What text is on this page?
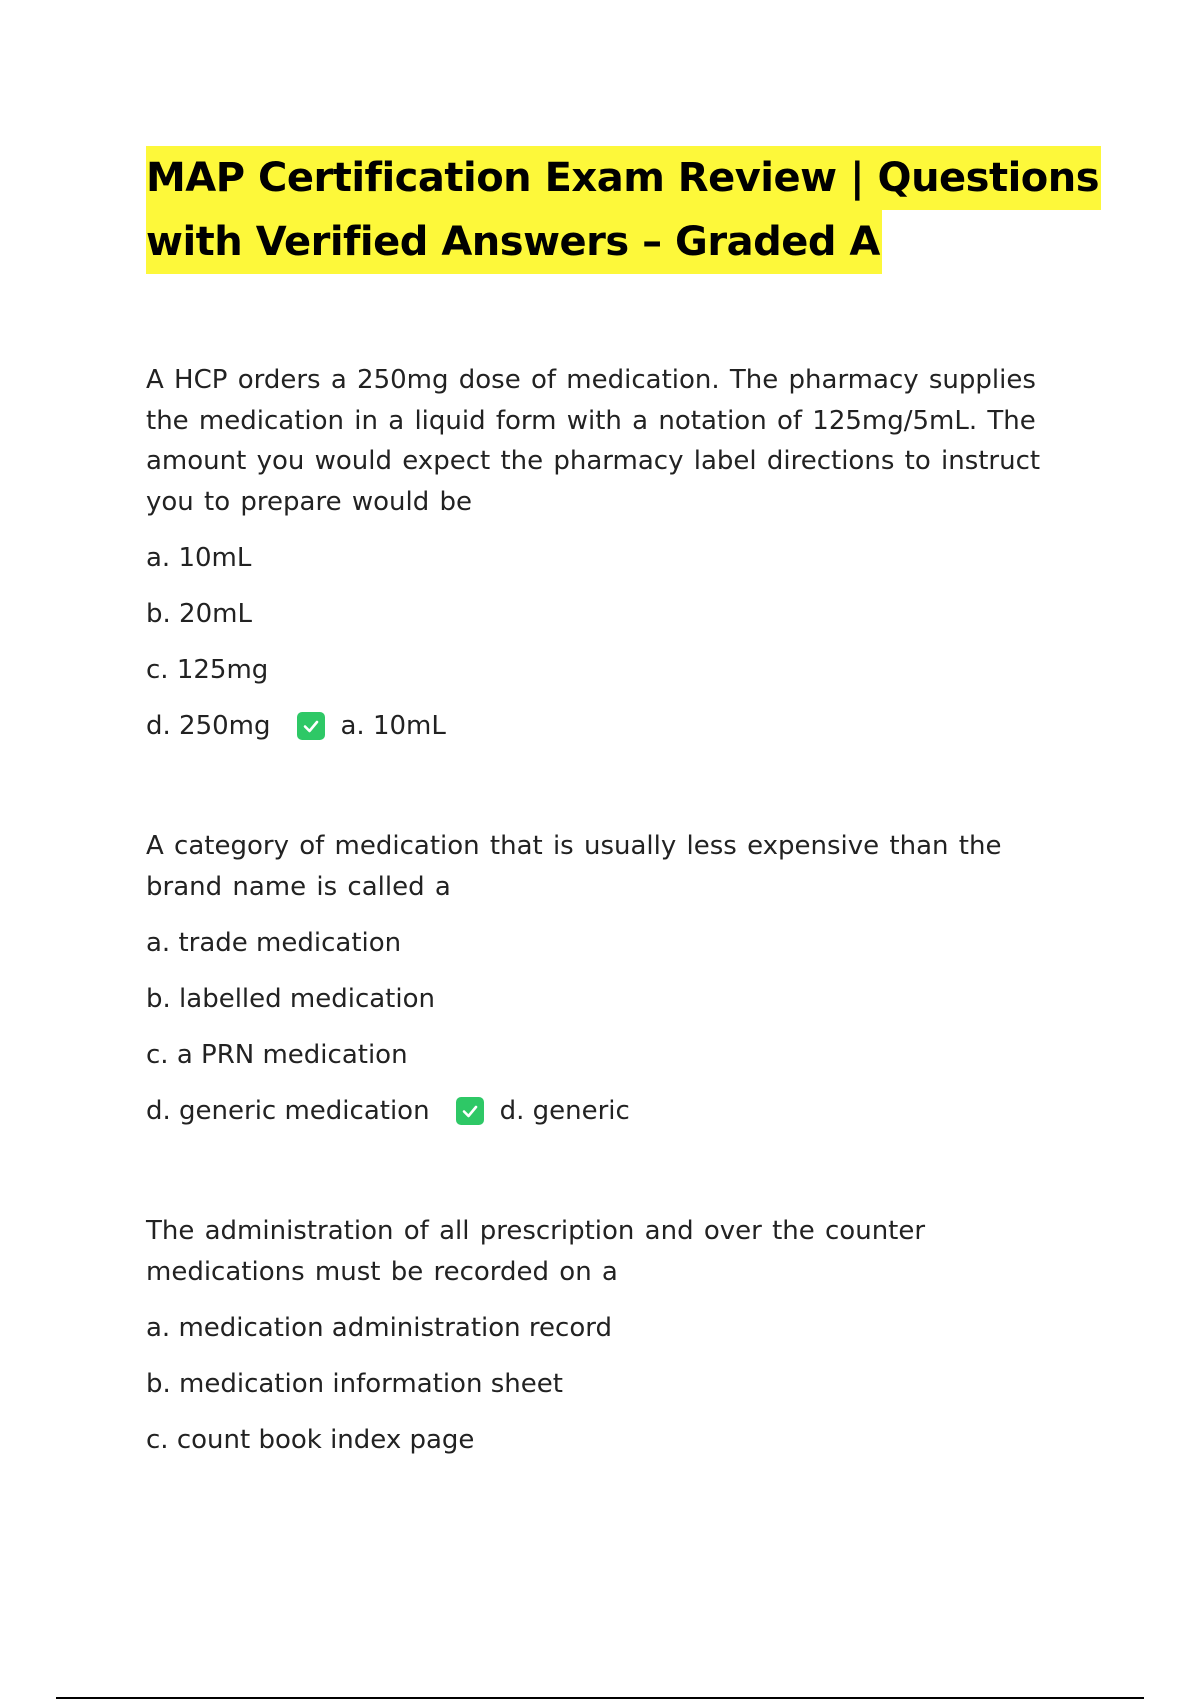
MAP Certification Exam Review | Questions
with Verified Answers – Graded A

A HCP orders a 250mg dose of medication. The pharmacy supplies the medication in a liquid form with a notation of 125mg/5mL. The amount you would expect the pharmacy label directions to instruct you to prepare would be

a. 10mL
b. 20mL
c. 125mg
d. 250mg	a. 10mL

A category of medication that is usually less expensive than the brand name is called a

a. trade medication
b. labelled medication
c. a PRN medication
d. generic medication	d. generic

The administration of all prescription and over the counter medications must be recorded on a

a. medication administration record
b. medication information sheet
c. count book index page
